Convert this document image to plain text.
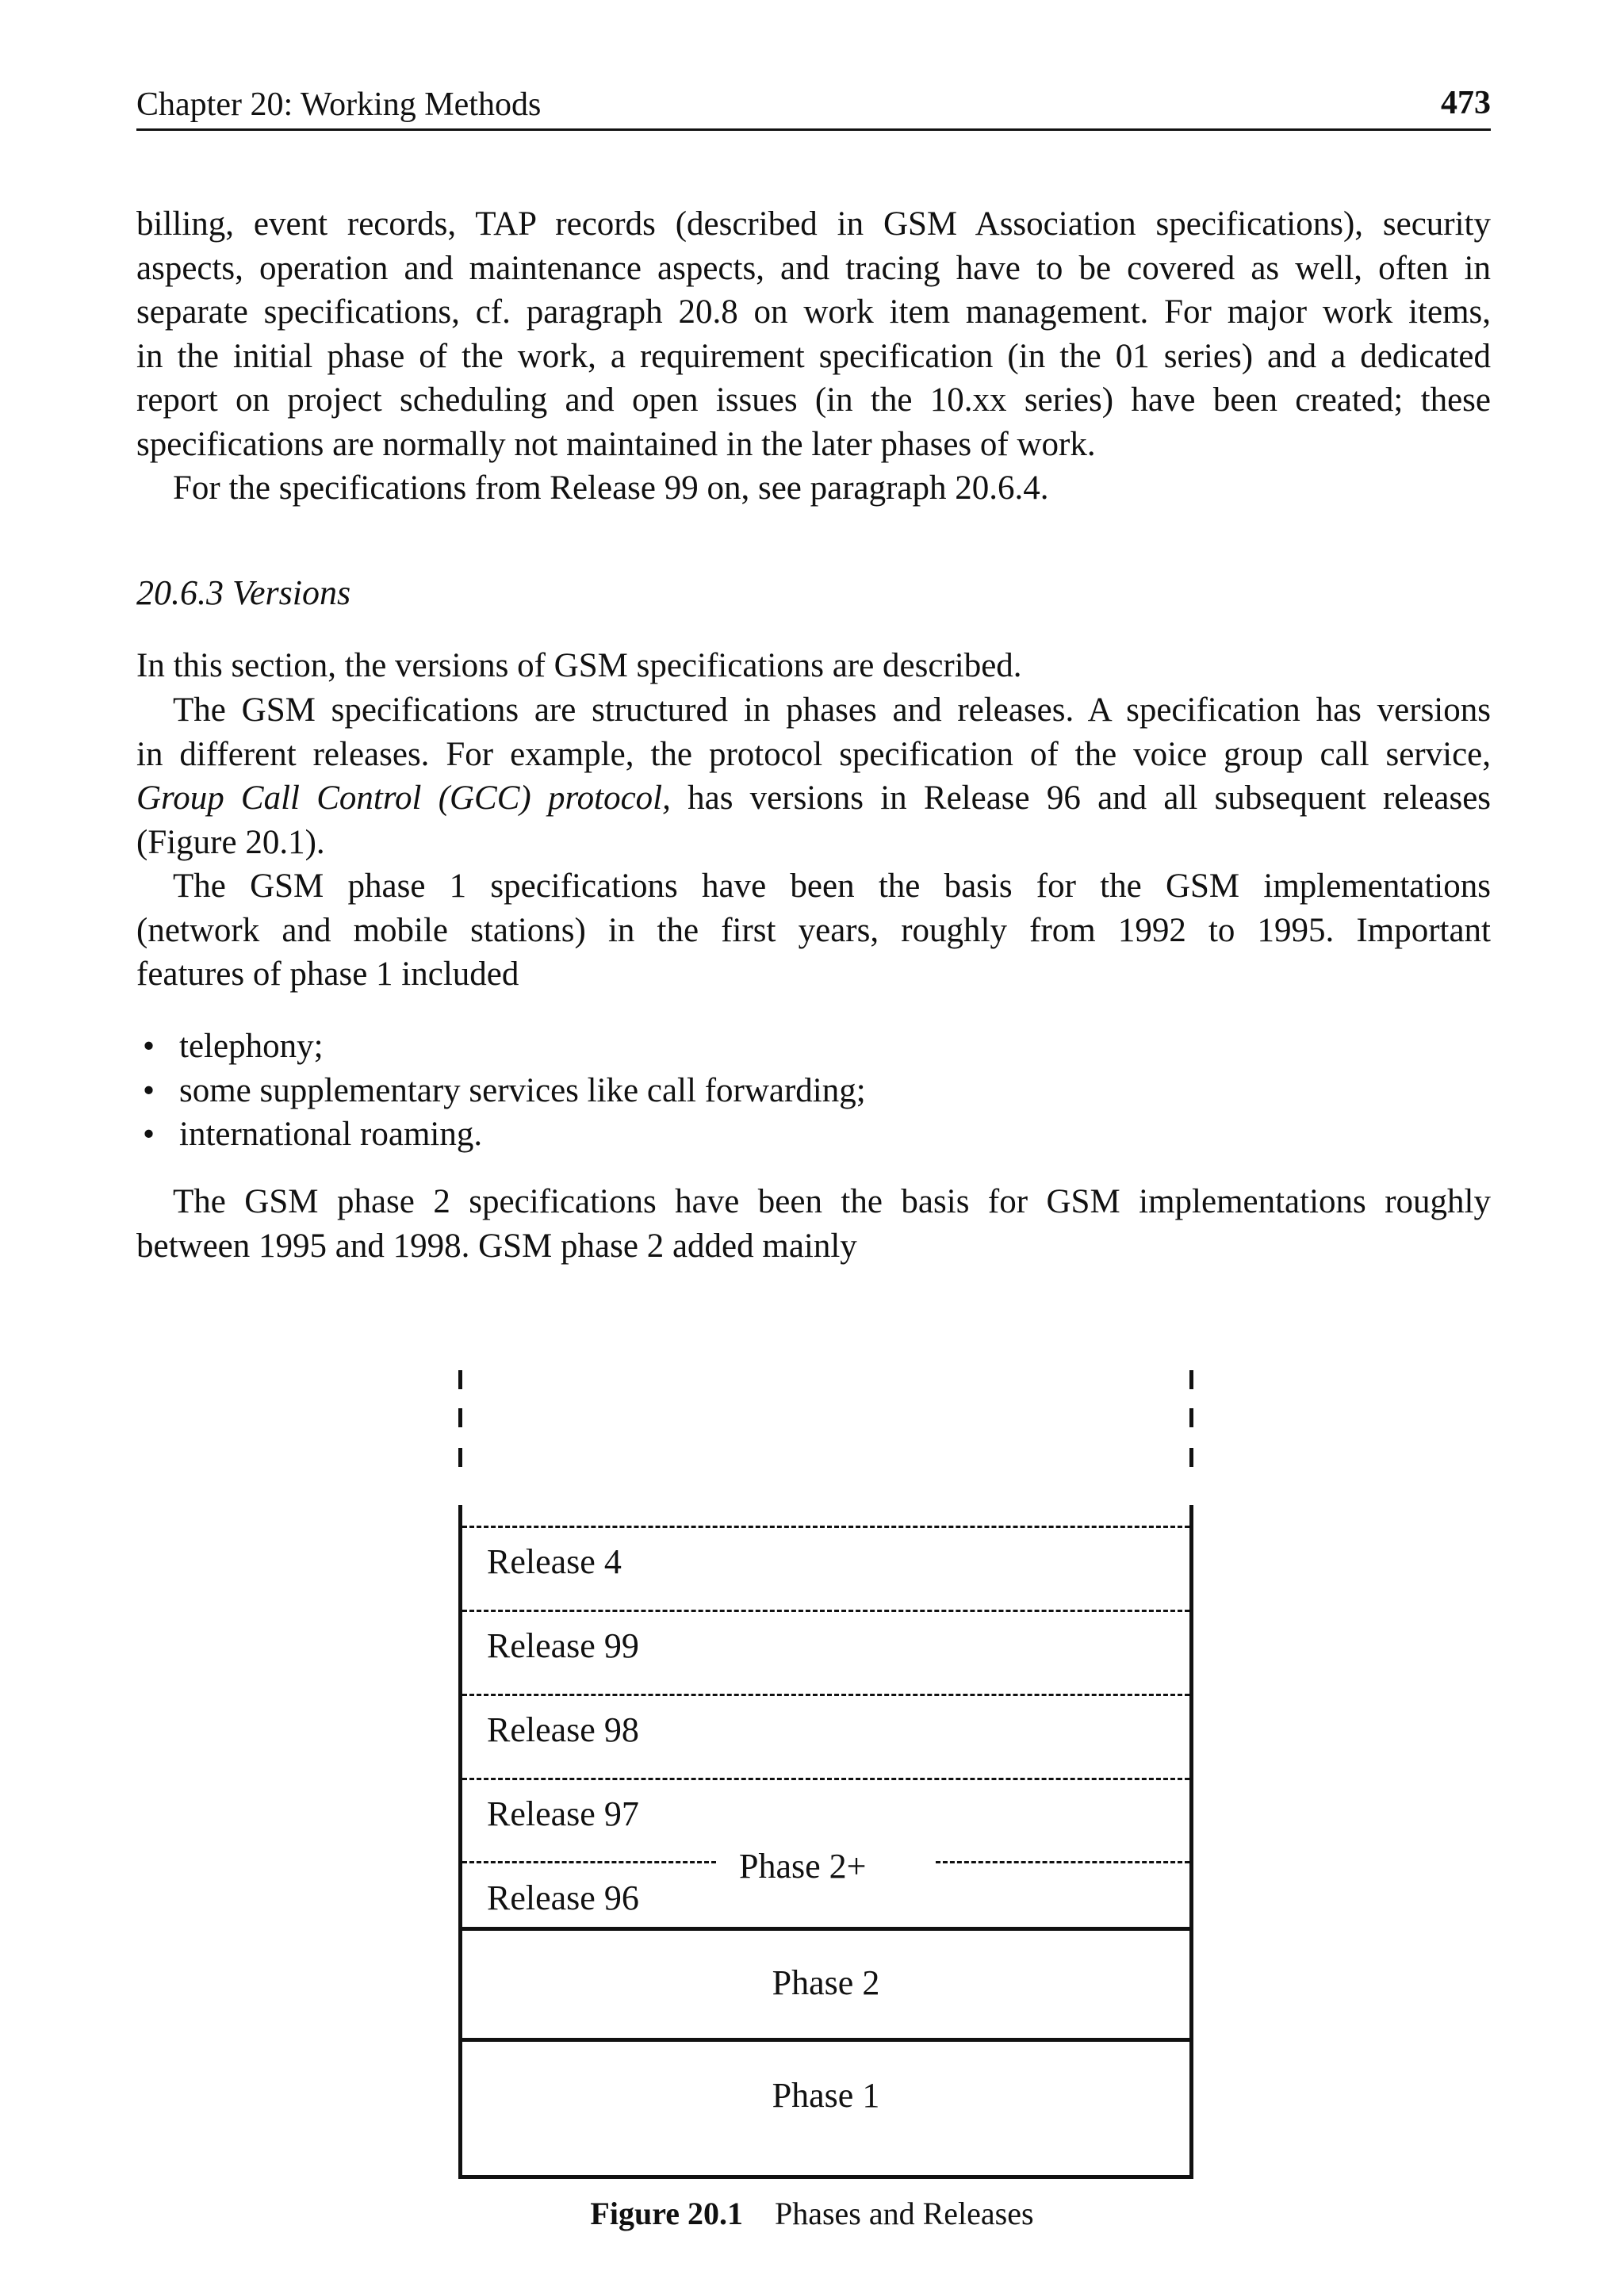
Chapter 20: Working Methods	473
billing, event records, TAP records (described in GSM Association specifications), security
aspects, operation and maintenance aspects, and tracing have to be covered as well, often in
separate specifications, cf. paragraph 20.8 on work item management. For major work items,
in the initial phase of the work, a requirement specification (in the 01 series) and a dedicated
report on project scheduling and open issues (in the 10.xx series) have been created; these
specifications are normally not maintained in the later phases of work.
For the specifications from Release 99 on, see paragraph 20.6.4.
20.6.3 Versions
In this section, the versions of GSM specifications are described.
The GSM specifications are structured in phases and releases. A specification has versions
in different releases. For example, the protocol specification of the voice group call service,
Group Call Control (GCC) protocol, has versions in Release 96 and all subsequent releases
(Figure 20.1).
The GSM phase 1 specifications have been the basis for the GSM implementations
(network and mobile stations) in the first years, roughly from 1992 to 1995. Important
features of phase 1 included
• telephony;
• some supplementary services like call forwarding;
• international roaming.
The GSM phase 2 specifications have been the basis for GSM implementations roughly
between 1995 and 1998. GSM phase 2 added mainly
Release 4
Release 99
Release 98
Release 97
Release 96
Phase 2+
Phase 2
Phase 1
Figure 20.1 Phases and Releases
